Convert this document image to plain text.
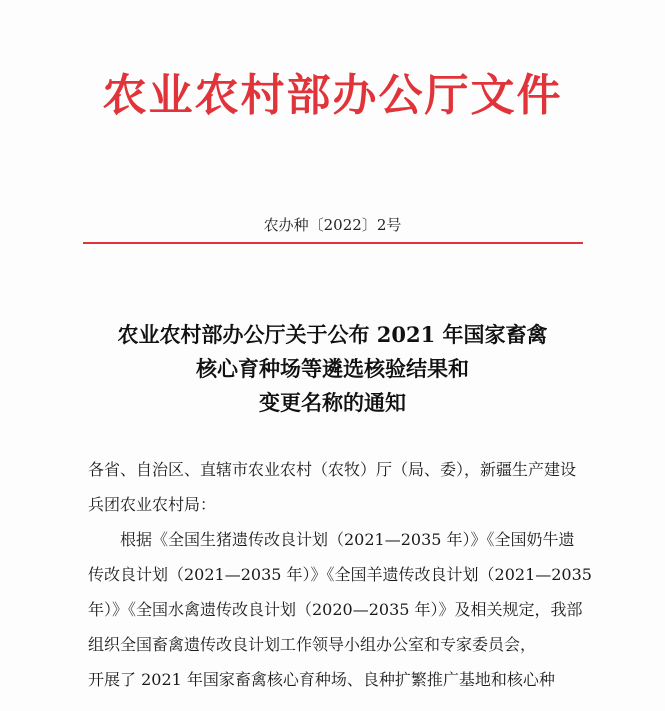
农业农村部办公厅文件
农办种〔2022〕2号
农业农村部办公厅关于公布 2021 年国家畜禽
核心育种场等遴选核验结果和
变更名称的通知

各省、自治区、直辖市农业农村（农牧）厅（局、委），新疆生产建设

兵团农业农村局：

根据《全国生猪遗传改良计划（2021—2035 年）》《全国奶牛遗

传改良计划（2021—2035 年）》《全国羊遗传改良计划（2021—2035

年）》《全国水禽遗传改良计划（2020—2035 年）》及相关规定，我部

组织全国畜禽遗传改良计划工作领导小组办公室和专家委员会，

开展了 2021 年国家畜禽核心育种场、良种扩繁推广基地和核心种
